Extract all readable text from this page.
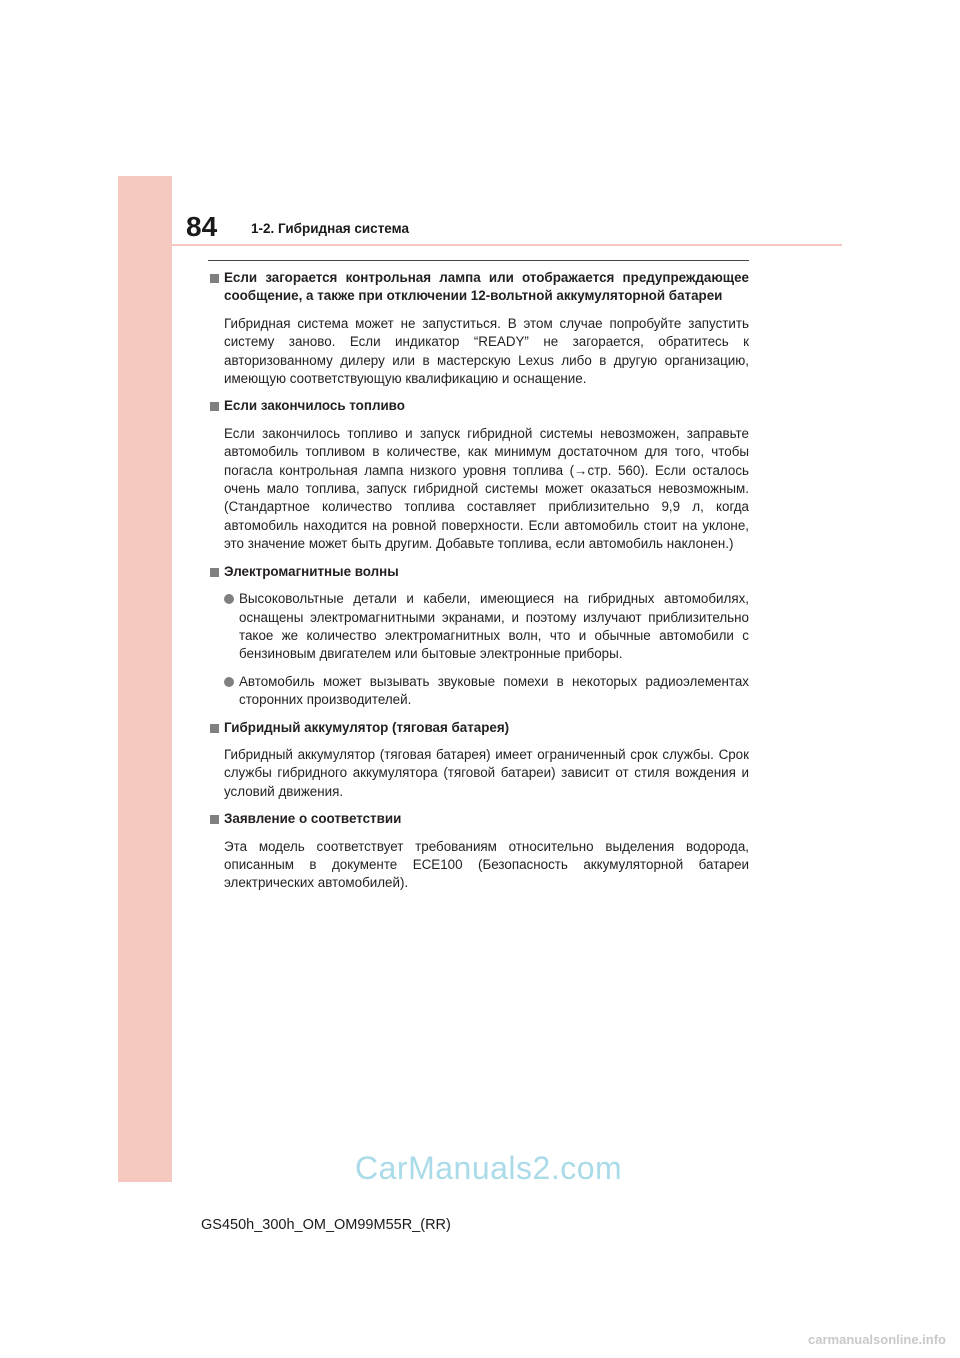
84	1-2. Гибридная система
Если загорается контрольная лампа или отображается предупреждающее сообщение, а также при отключении 12-вольтной аккумуляторной батареи
Гибридная система может не запуститься. В этом случае попробуйте запустить систему заново. Если индикатор “READY” не загорается, обратитесь к авторизованному дилеру или в мастерскую Lexus либо в другую организацию, имеющую соответствующую квалификацию и оснащение.
Если закончилось топливо
Если закончилось топливо и запуск гибридной системы невозможен, заправьте автомобиль топливом в количестве, как минимум достаточном для того, чтобы погасла контрольная лампа низкого уровня топлива (→стр. 560). Если осталось очень мало топлива, запуск гибридной системы может оказаться невозможным. (Стандартное количество топлива составляет приблизительно 9,9 л, когда автомобиль находится на ровной поверхности. Если автомобиль стоит на уклоне, это значение может быть другим. Добавьте топлива, если автомобиль наклонен.)
Электромагнитные волны
Высоковольтные детали и кабели, имеющиеся на гибридных автомобилях, оснащены электромагнитными экранами, и поэтому излучают приблизительно такое же количество электромагнитных волн, что и обычные автомобили с бензиновым двигателем или бытовые электронные приборы.
Автомобиль может вызывать звуковые помехи в некоторых радиоэлементах сторонних производителей.
Гибридный аккумулятор (тяговая батарея)
Гибридный аккумулятор (тяговая батарея) имеет ограниченный срок службы. Срок службы гибридного аккумулятора (тяговой батареи) зависит от стиля вождения и условий движения.
Заявление о соответствии
Эта модель соответствует требованиям относительно выделения водорода, описанным в документе ECE100 (Безопасность аккумуляторной батареи электрических автомобилей).
CarManuals2.com
GS450h_300h_OM_OM99M55R_(RR)
carmanualsonline.info
